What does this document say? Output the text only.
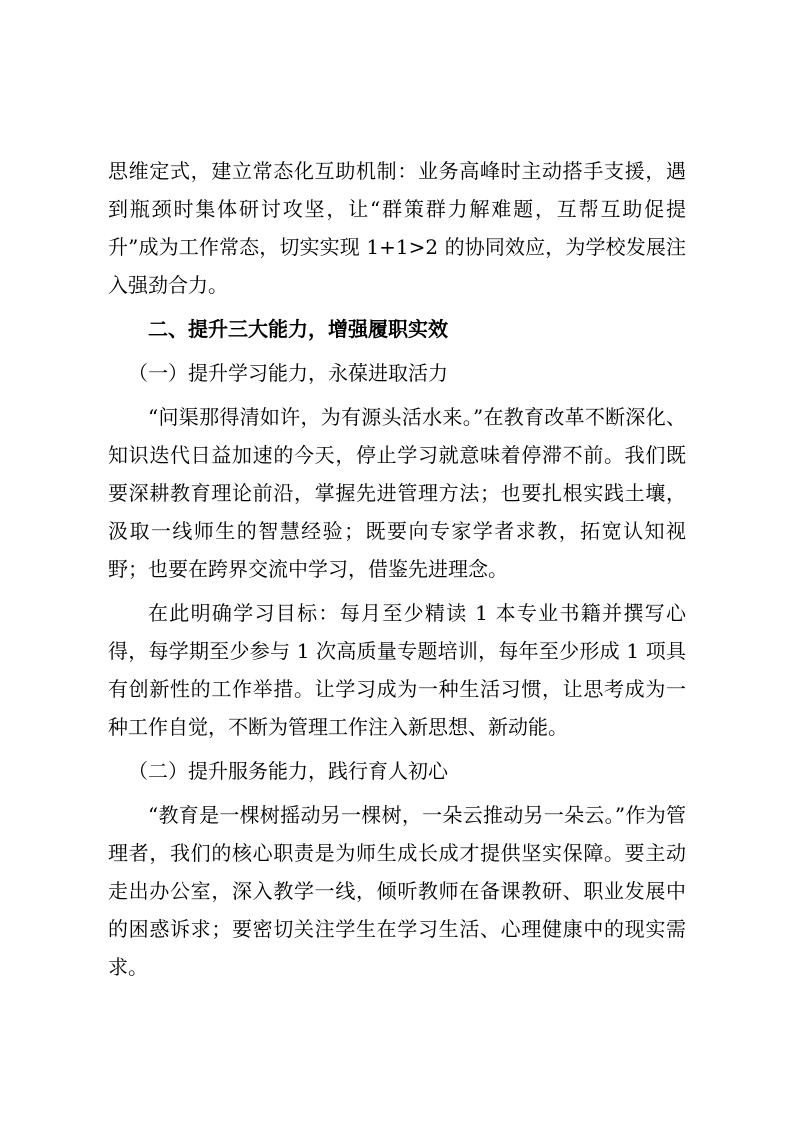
思维定式，建立常态化互助机制：业务高峰时主动搭手支援，遇到瓶颈时集体研讨攻坚，让“群策群力解难题，互帮互助促提升”成为工作常态，切实实现 1+1>2 的协同效应，为学校发展注入强劲合力。

二、提升三大能力，增强履职实效

（一）提升学习能力，永葆进取活力

“问渠那得清如许，为有源头活水来。”在教育改革不断深化、知识迭代日益加速的今天，停止学习就意味着停滞不前。我们既要深耕教育理论前沿，掌握先进管理方法；也要扎根实践土壤，汲取一线师生的智慧经验；既要向专家学者求教，拓宽认知视野；也要在跨界交流中学习，借鉴先进理念。

在此明确学习目标：每月至少精读 1 本专业书籍并撰写心得，每学期至少参与 1 次高质量专题培训，每年至少形成 1 项具有创新性的工作举措。让学习成为一种生活习惯，让思考成为一种工作自觉，不断为管理工作注入新思想、新动能。

（二）提升服务能力，践行育人初心

“教育是一棵树摇动另一棵树，一朵云推动另一朵云。”作为管理者，我们的核心职责是为师生成长成才提供坚实保障。要主动走出办公室，深入教学一线，倾听教师在备课教研、职业发展中的困惑诉求；要密切关注学生在学习生活、心理健康中的现实需求。
